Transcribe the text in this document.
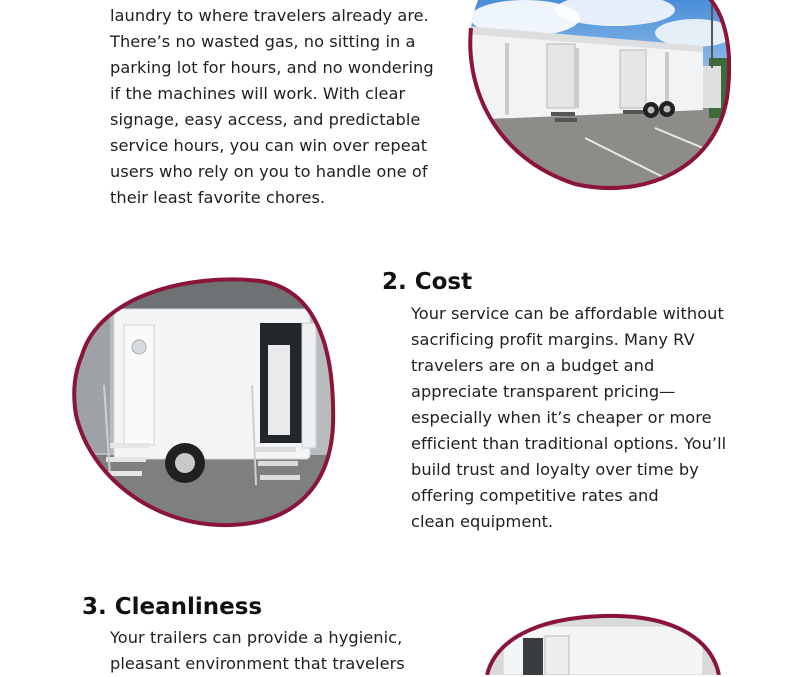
laundry to where travelers already are.
There’s no wasted gas, no sitting in a
parking lot for hours, and no wondering
if the machines will work. With clear
signage, easy access, and predictable
service hours, you can win over repeat
users who rely on you to handle one of
their least favorite chores.

2. Cost

Your service can be affordable without
sacrificing profit margins. Many RV
travelers are on a budget and
appreciate transparent pricing—
especially when it’s cheaper or more
efficient than traditional options. You’ll
build trust and loyalty over time by
offering competitive rates and
clean equipment.

3. Cleanliness

Your trailers can provide a hygienic,
pleasant environment that travelers
